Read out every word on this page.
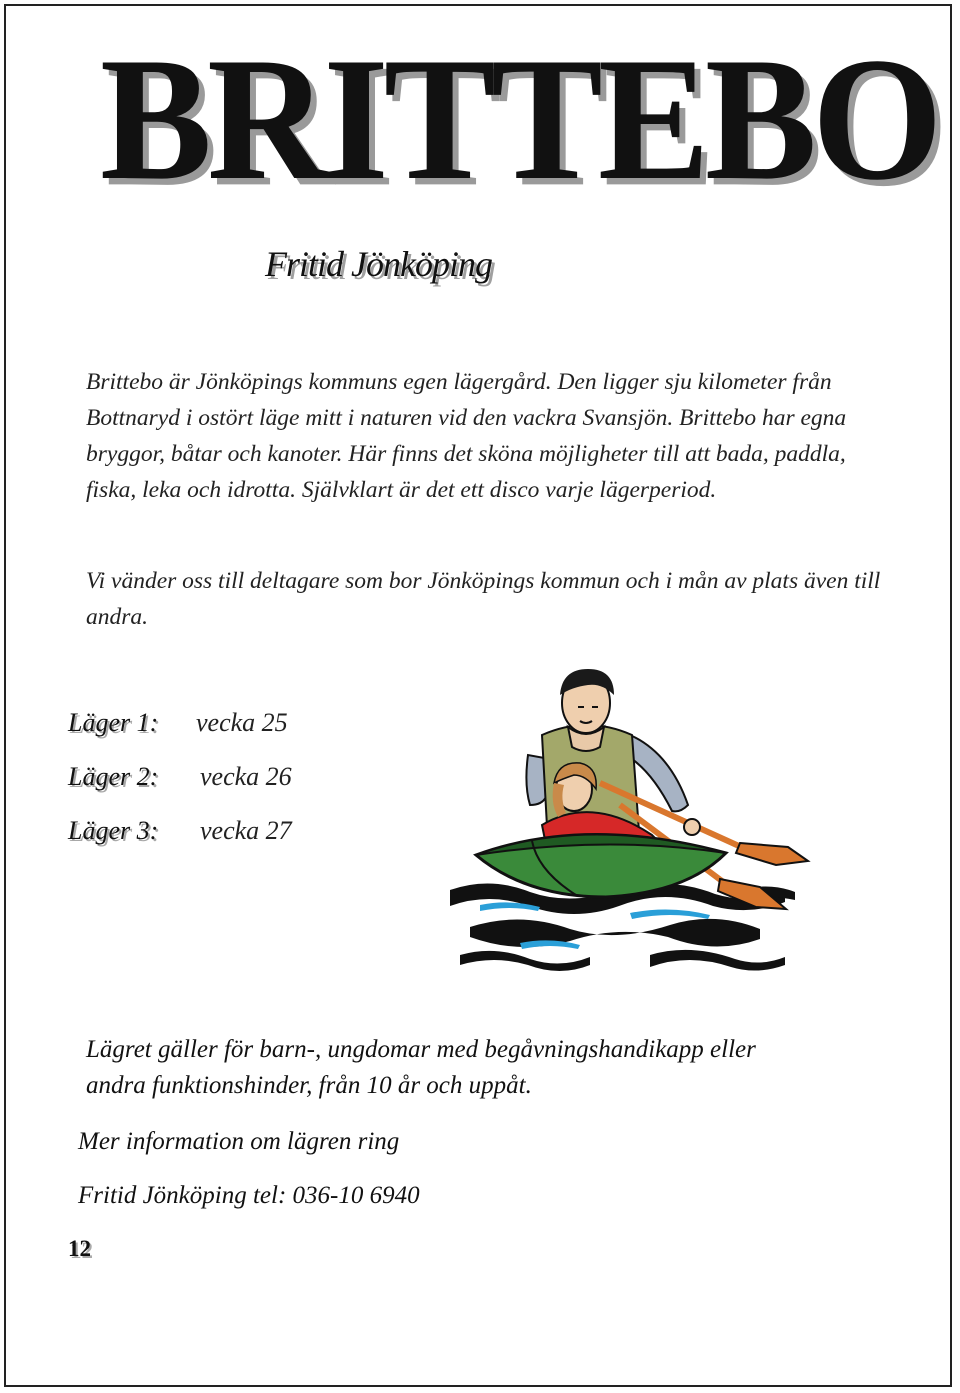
BRITTEBO
Fritid Jönköping

Brittebo är Jönköpings kommuns egen lägergård. Den ligger sju kilometer från Bottnaryd i ostört läge mitt i naturen vid den vackra Svansjön. Brittebo har egna bryggor, båtar och kanoter. Här finns det sköna möjligheter till att bada, paddla, fiska, leka och idrotta. Självklart är det ett disco varje lägerperiod.

Vi vänder oss till deltagare som bor Jönköpings kommun och i mån av plats även till andra.

Läger 1: vecka 25
Läger 2: vecka 26
Läger 3: vecka 27

Lägret gäller för barn-, ungdomar med begåvningshandikapp eller

andra funktionshinder, från 10 år och uppåt.

Mer information om lägren ring

Fritid Jönköping tel: 036-10 6940

12
